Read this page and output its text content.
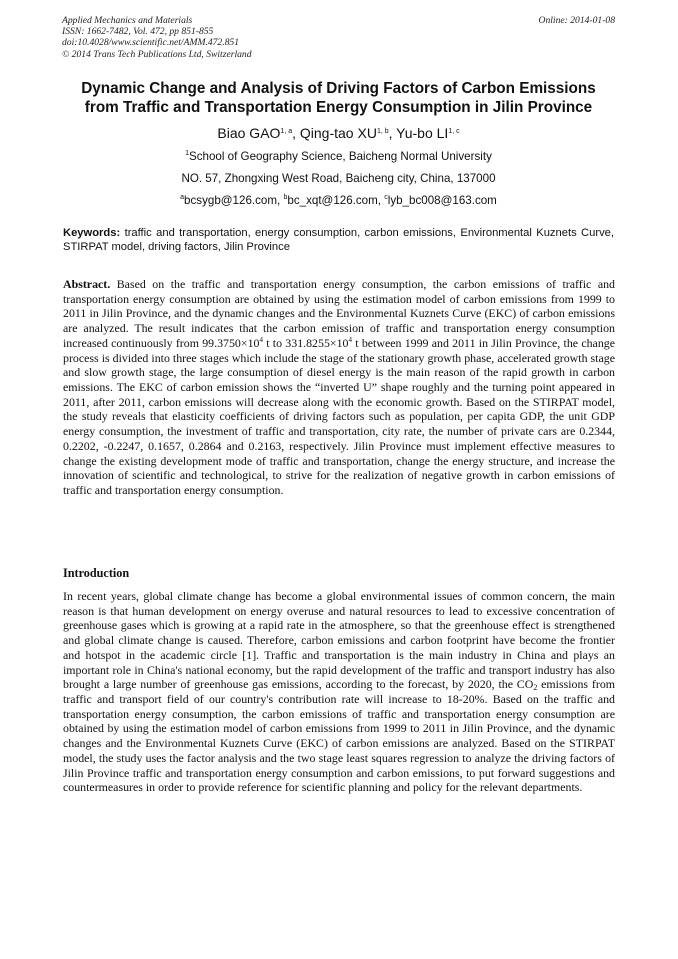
Applied Mechanics and Materials
ISSN: 1662-7482, Vol. 472, pp 851-855
doi:10.4028/www.scientific.net/AMM.472.851
© 2014 Trans Tech Publications Ltd, Switzerland
Online: 2014-01-08
Dynamic Change and Analysis of Driving Factors of Carbon Emissions
from Traffic and Transportation Energy Consumption in Jilin Province
Biao GAO$^{1, a}$, Qing-tao XU$^{1, b}$, Yu-bo LI$^{1, c}$
$^1$School of Geography Science, Baicheng Normal University
NO. 57, Zhongxing West Road, Baicheng city, China, 137000
$^a$bcsygb@126.com, $^b$bc_xqt@126.com, $^c$lyb_bc008@163.com
Keywords: traffic and transportation, energy consumption, carbon emissions, Environmental Kuznets Curve, STIRPAT model, driving factors, Jilin Province
Abstract. Based on the traffic and transportation energy consumption, the carbon emissions of traffic and transportation energy consumption are obtained by using the estimation model of carbon emissions from 1999 to 2011 in Jilin Province, and the dynamic changes and the Environmental Kuznets Curve (EKC) of carbon emissions are analyzed. The result indicates that the carbon emission of traffic and transportation energy consumption increased continuously from $99.3750\times 10^4$ t to $331.8255\times 10^4$ t between 1999 and 2011 in Jilin Province, the change process is divided into three stages which include the stage of the stationary growth phase, accelerated growth stage and slow growth stage, the large consumption of diesel energy is the main reason of the rapid growth in carbon emissions. The EKC of carbon emission shows the “inverted U” shape roughly and the turning point appeared in 2011, after 2011, carbon emissions will decrease along with the economic growth. Based on the STIRPAT model, the study reveals that elasticity coefficients of driving factors such as population, per capita GDP, the unit GDP energy consumption, the investment of traffic and transportation, city rate, the number of private cars are 0.2344, 0.2202, -0.2247, 0.1657, 0.2864 and 0.2163, respectively. Jilin Province must implement effective measures to change the existing development mode of traffic and transportation, change the energy structure, and increase the innovation of scientific and technological, to strive for the realization of negative growth in carbon emissions of traffic and transportation energy consumption.
Introduction
In recent years, global climate change has become a global environmental issues of common concern, the main reason is that human development on energy overuse and natural resources to lead to excessive concentration of greenhouse gases which is growing at a rapid rate in the atmosphere, so that the greenhouse effect is strengthened and global climate change is caused. Therefore, carbon emissions and carbon footprint have become the frontier and hotspot in the academic circle [1]. Traffic and transportation is the main industry in China and plays an important role in China's national economy, but the rapid development of the traffic and transport industry has also brought a large number of greenhouse gas emissions, according to the forecast, by 2020, the $CO_2$ emissions from traffic and transport field of our country's contribution rate will increase to 18-20%. Based on the traffic and transportation energy consumption, the carbon emissions of traffic and transportation energy consumption are obtained by using the estimation model of carbon emissions from 1999 to 2011 in Jilin Province, and the dynamic changes and the Environmental Kuznets Curve (EKC) of carbon emissions are analyzed. Based on the STIRPAT model, the study uses the factor analysis and the two stage least squares regression to analyze the driving factors of Jilin Province traffic and transportation energy consumption and carbon emissions, to put forward suggestions and countermeasures in order to provide reference for scientific planning and policy for the relevant departments.
